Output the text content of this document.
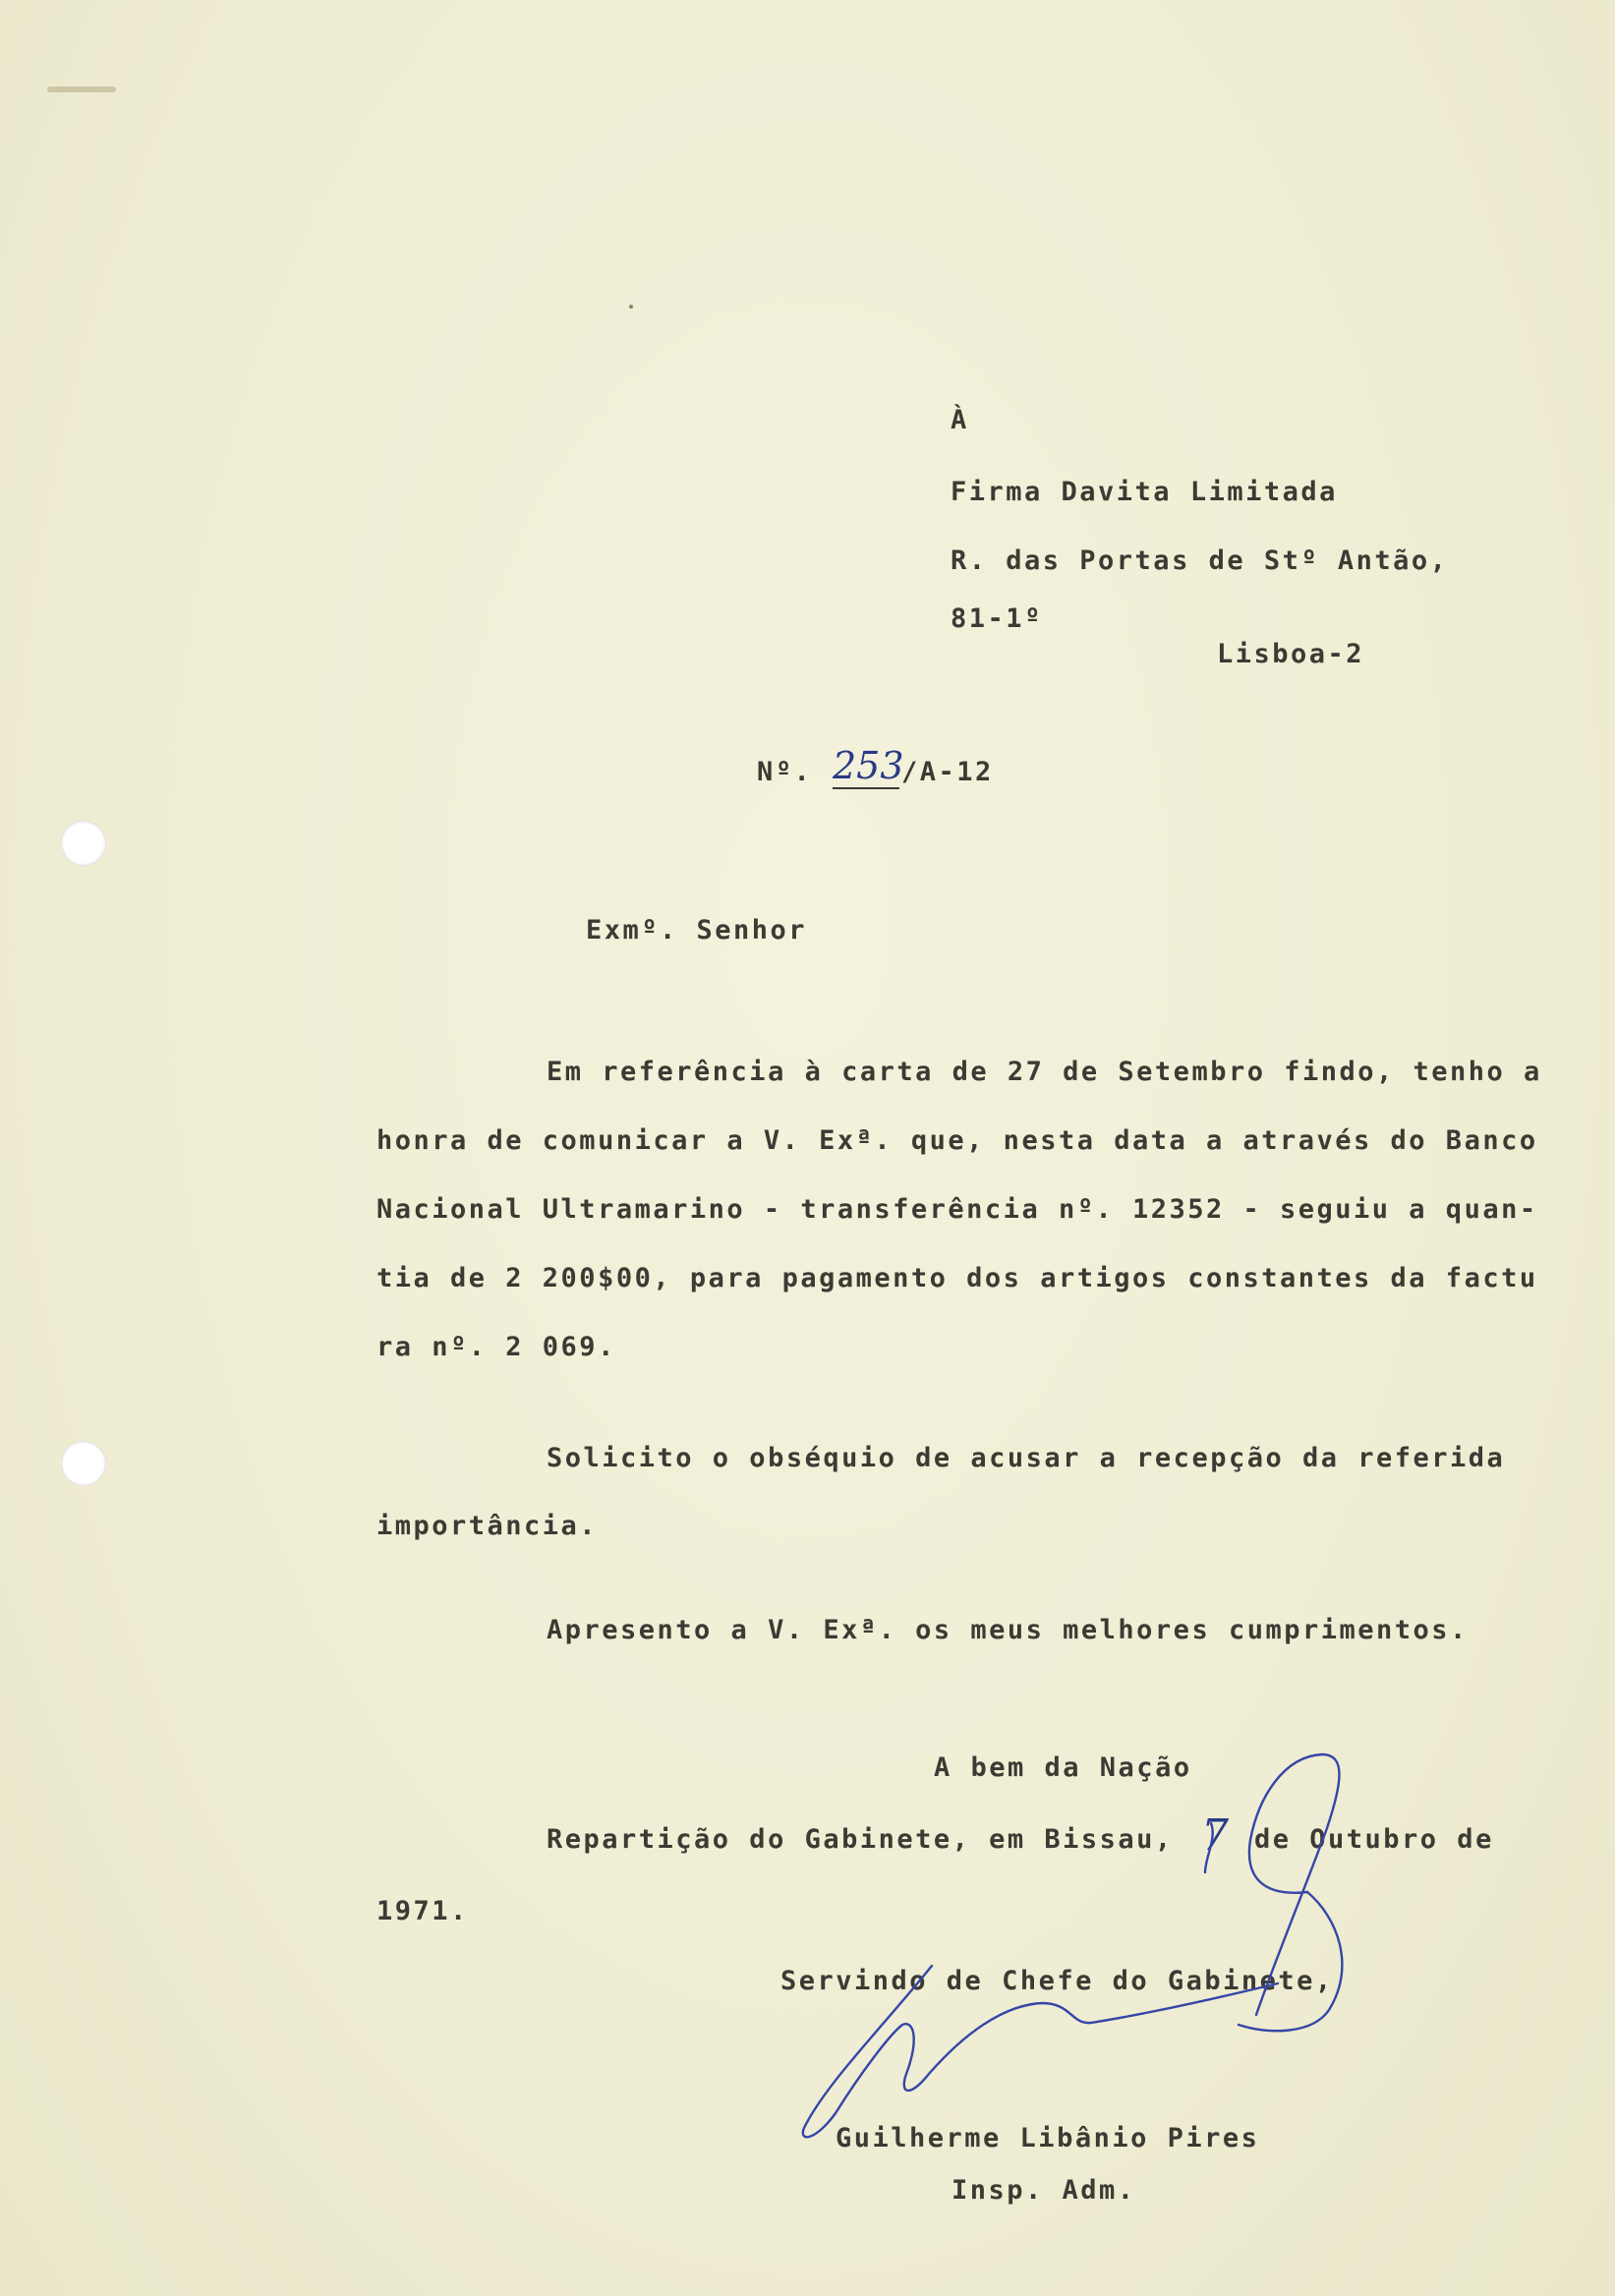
À
Firma Davita Limitada
R. das Portas de Stº Antão,
81-1º
Lisboa-2
Nº. 253
/A-12
Exmº. Senhor
Em referência à carta de 27 de Setembro findo, tenho a
honra de comunicar a V. Exª. que, nesta data a através do Banco
Nacional Ultramarino - transferência nº. 12352 - seguiu a quan-
tia de 2 200$00, para pagamento dos artigos constantes da factu
ra nº. 2 069.
Solicito o obséquio de acusar a recepção da referida
importância.
Apresento a V. Exª. os meus melhores cumprimentos.
A bem da Nação
Repartição do Gabinete, em Bissau, 7 de Outubro de
1971.
Servindo de Chefe do Gabinete,
Guilherme Libânio Pires
Insp. Adm.
